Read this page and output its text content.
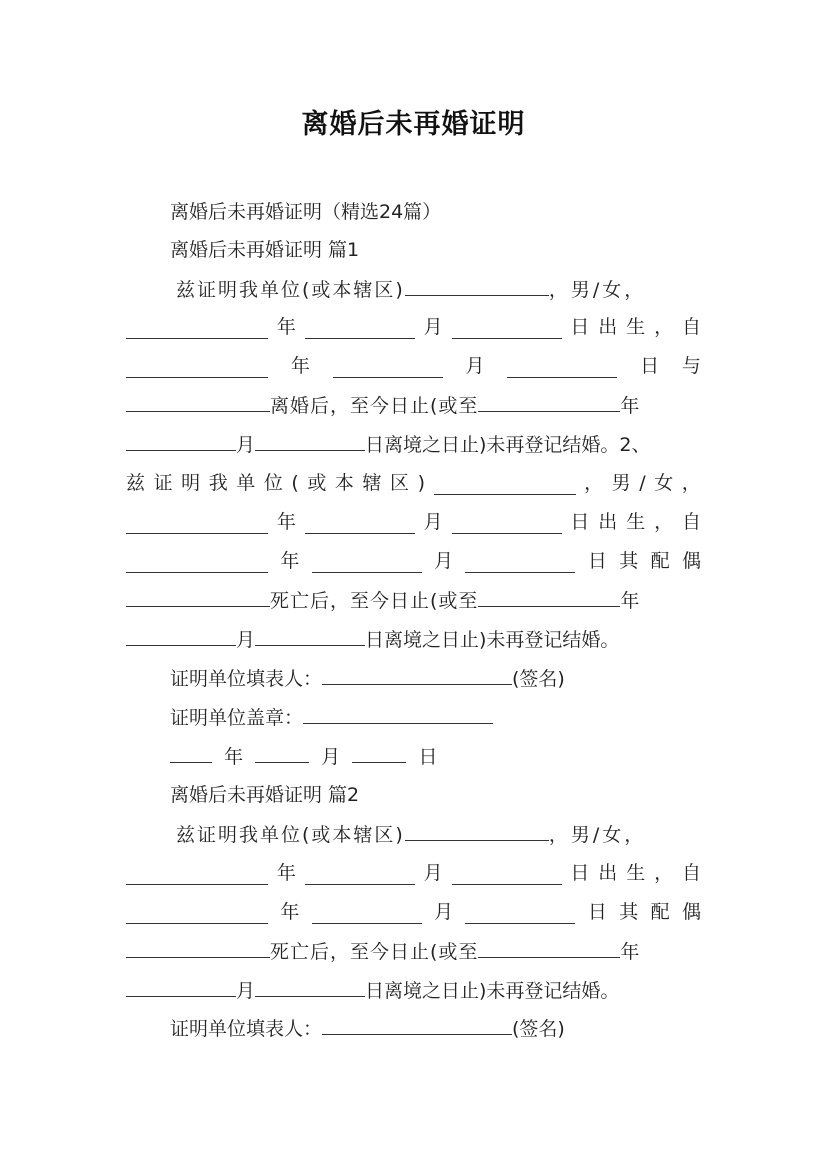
离婚后未再婚证明
离婚后未再婚证明（精选24篇）
离婚后未再婚证明 篇1
兹证明我单位(或本辖区)	，男/女，
年	月	日 出 生 ， 自
年	月	日 与
离婚后，至今日止(或至	年
月	日离境之日止)未再登记结婚。2、
兹 证 明 我 单 位 ( 或 本 辖 区 )	， 男 / 女 ，
年	月	日 出 生 ， 自
年	月	日 其 配 偶
死亡后，至今日止(或至	年
月	日离境之日止)未再登记结婚。
证明单位填表人：	(签名)
证明单位盖章：
年	月	日
离婚后未再婚证明 篇2
兹证明我单位(或本辖区)	，男/女，
年	月	日 出 生 ， 自
年	月	日 其 配 偶
死亡后，至今日止(或至	年
月	日离境之日止)未再登记结婚。
证明单位填表人：	(签名)
